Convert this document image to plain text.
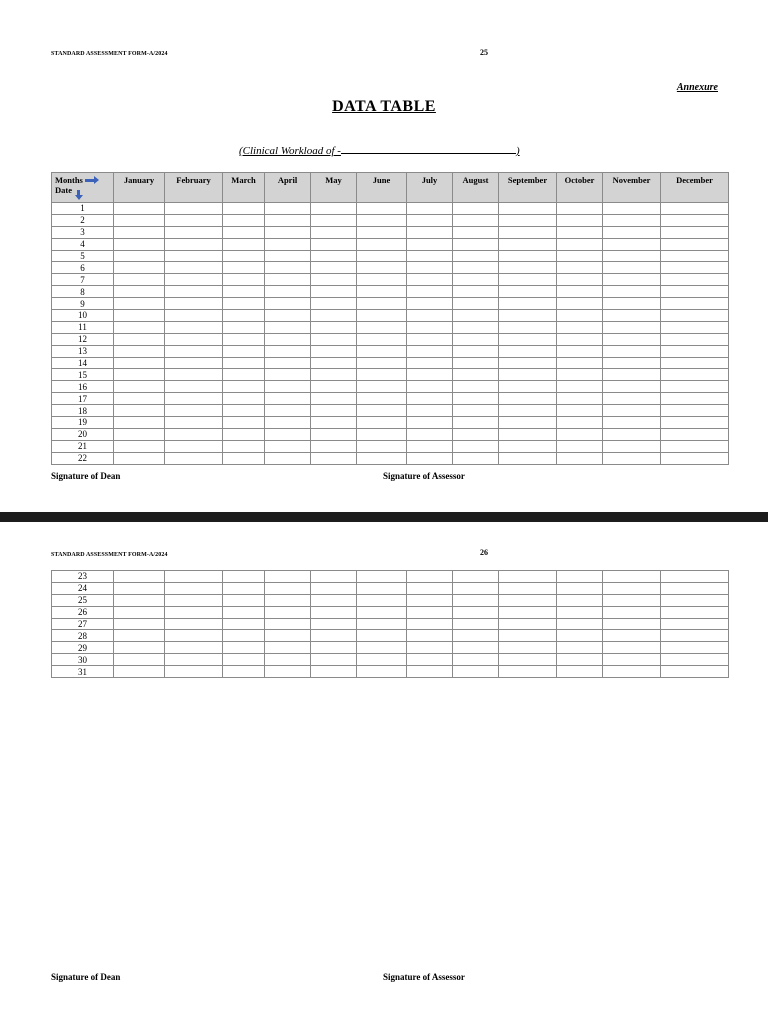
STANDARD ASSESSMENT FORM-A/2024	25
Annexure
DATA TABLE
(Clinical Workload of -	)
Months
Date	January	February	March	April	May	June	July	August	September	October	November	December
1												
2												
3												
4												
5												
6												
7												
8												
9												
10												
11												
12												
13												
14												
15												
16												
17												
18												
19												
20												
21												
22												
Signature of Dean	Signature of Assessor
STANDARD ASSESSMENT FORM-A/2024	26
Signature of Dean	Signature of Assessor
23												
24												
25												
26												
27												
28												
29												
30												
31												
